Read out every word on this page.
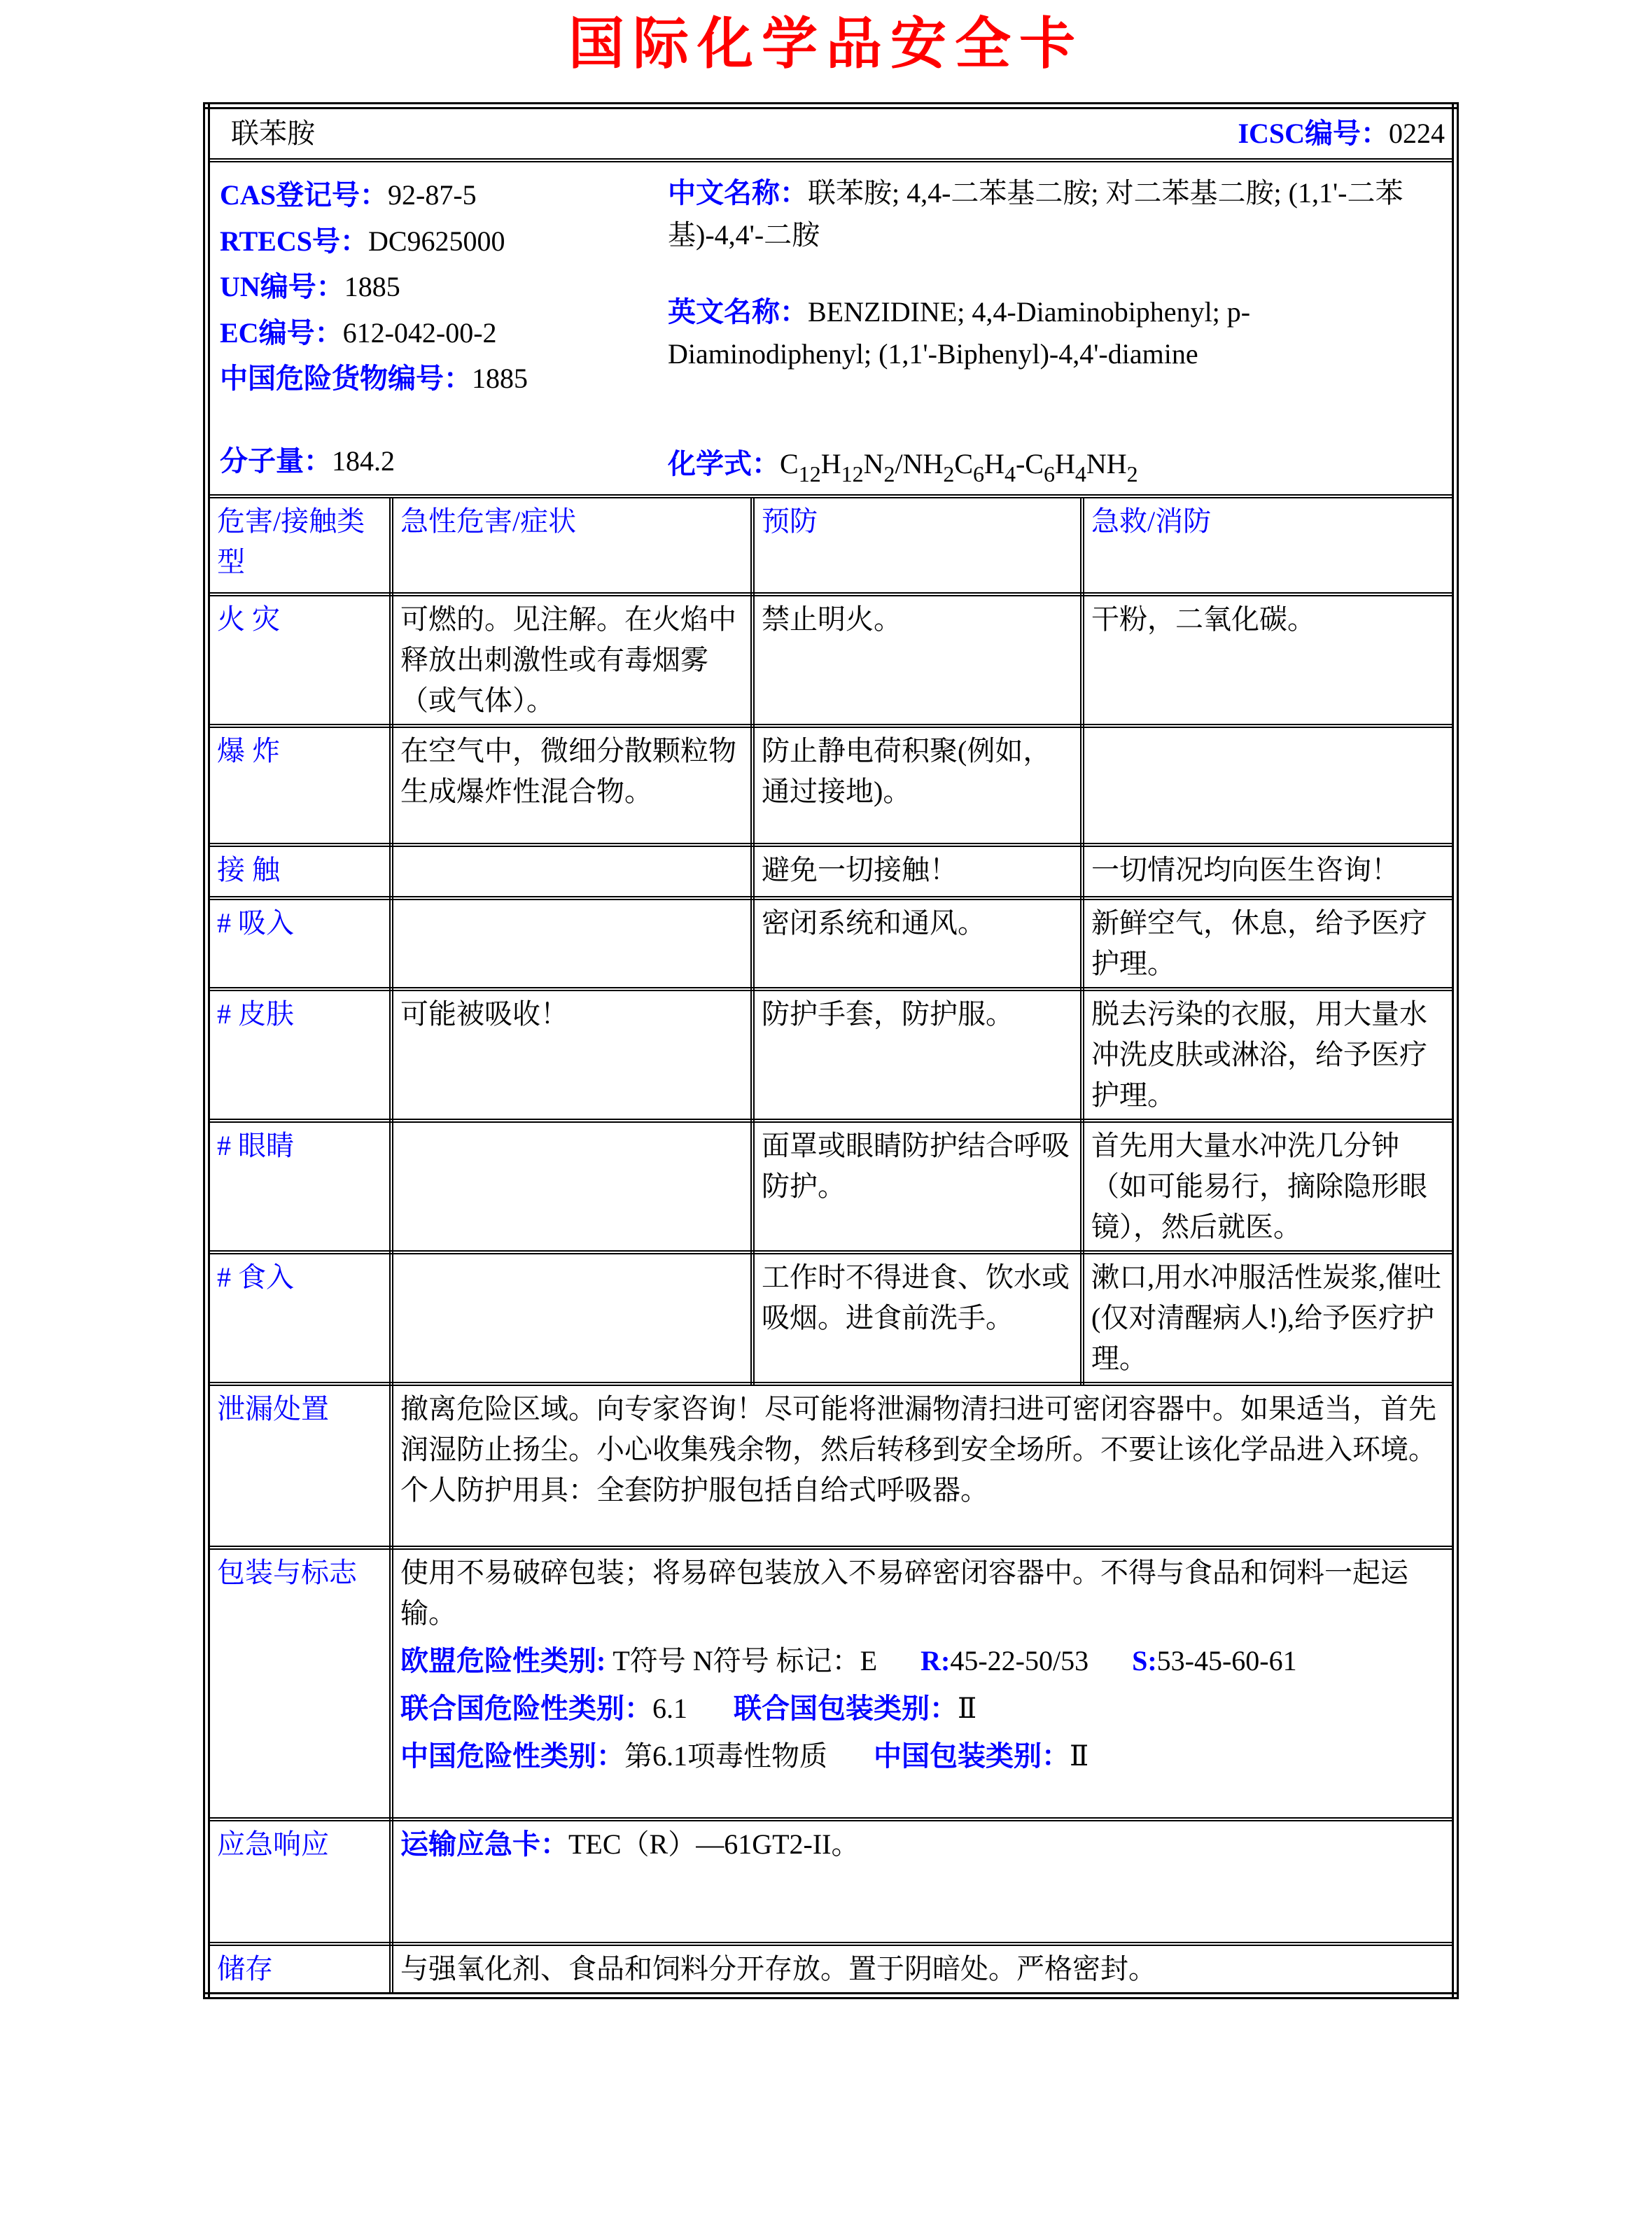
国际化学品安全卡
联苯胺 ICSC编号：0224			

CAS登记号：92-87-5
RTECS号：DC9625000
UN编号：1885
EC编号：612-042-00-2
中国危险货物编号：1885
分子量：184.2
中文名称：联苯胺; 4,4-二苯基二胺; 对二苯基二胺; (1,1'-二苯基)-4,4'-二胺
英文名称：BENZIDINE; 4,4-Diaminobiphenyl; p-Diaminodiphenyl; (1,1'-Biphenyl)-4,4'-diamine
化学式：$C_{12}H_{12}N_2/NH_2C_6H_4-C_6H_4NH_2$

危害/接触类型	急性危害/症状	预防	急救/消防
火 灾	可燃的。见注解。在火焰中释放出刺激性或有毒烟雾（或气体）。	禁止明火。	干粉，二氧化碳。
爆 炸	在空气中，微细分散颗粒物生成爆炸性混合物。	防止静电荷积聚(例如，通过接地)。	
接 触		避免一切接触！	一切情况均向医生咨询！
# 吸入		密闭系统和通风。	新鲜空气，休息，给予医疗护理。
# 皮肤	可能被吸收！	防护手套，防护服。	脱去污染的衣服，用大量水冲洗皮肤或淋浴，给予医疗护理。
# 眼睛		面罩或眼睛防护结合呼吸防护。	首先用大量水冲洗几分钟（如可能易行，摘除隐形眼镜），然后就医。
# 食入		工作时不得进食、饮水或吸烟。进食前洗手。	漱口,用水冲服活性炭浆,催吐(仅对清醒病人!),给予医疗护理。
泄漏处置	撤离危险区域。向专家咨询！尽可能将泄漏物清扫进可密闭容器中。如果适当，首先润湿防止扬尘。小心收集残余物，然后转移到安全场所。不要让该化学品进入环境。个人防护用具：全套防护服包括自给式呼吸器。		
包装与标志	使用不易破碎包装；将易碎包装放入不易碎密闭容器中。不得与食品和饲料一起运输。
欧盟危险性类别: T符号 N符号 标记：E R:45-22-50/53 S:53-45-60-61
联合国危险性类别：6.1 联合国包装类别：Ⅱ
中国危险性类别：第6.1项毒性物质 中国包装类别：Ⅱ		

应急响应	运输应急卡：TEC（R）—61GT2-II。		
储存	与强氧化剂、食品和饲料分开存放。置于阴暗处。严格密封。		
